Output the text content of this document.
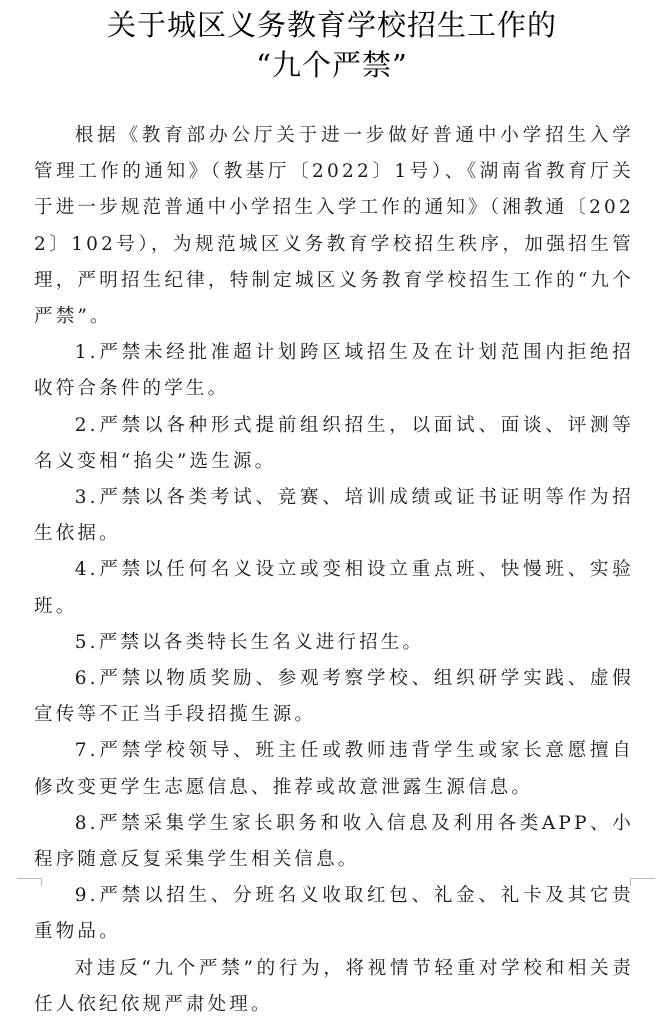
关于城区义务教育学校招生工作的
“九个严禁”

根据《教育部办公厅关于进一步做好普通中小学招生入学管理工作的通知》（教基厅〔2022〕1号）、《湖南省教育厅关于进一步规范普通中小学招生入学工作的通知》（湘教通〔2022〕102号），为规范城区义务教育学校招生秩序，加强招生管理，严明招生纪律，特制定城区义务教育学校招生工作的“九个严禁”。

1.严禁未经批准超计划跨区域招生及在计划范围内拒绝招收符合条件的学生。

2.严禁以各种形式提前组织招生，以面试、面谈、评测等名义变相“掐尖”选生源。

3.严禁以各类考试、竞赛、培训成绩或证书证明等作为招生依据。

4.严禁以任何名义设立或变相设立重点班、快慢班、实验班。

5.严禁以各类特长生名义进行招生。

6.严禁以物质奖励、参观考察学校、组织研学实践、虚假宣传等不正当手段招揽生源。

7.严禁学校领导、班主任或教师违背学生或家长意愿擅自修改变更学生志愿信息、推荐或故意泄露生源信息。

8.严禁采集学生家长职务和收入信息及利用各类APP、小程序随意反复采集学生相关信息。

9.严禁以招生、分班名义收取红包、礼金、礼卡及其它贵重物品。

对违反“九个严禁”的行为，将视情节轻重对学校和相关责任人依纪依规严肃处理。
